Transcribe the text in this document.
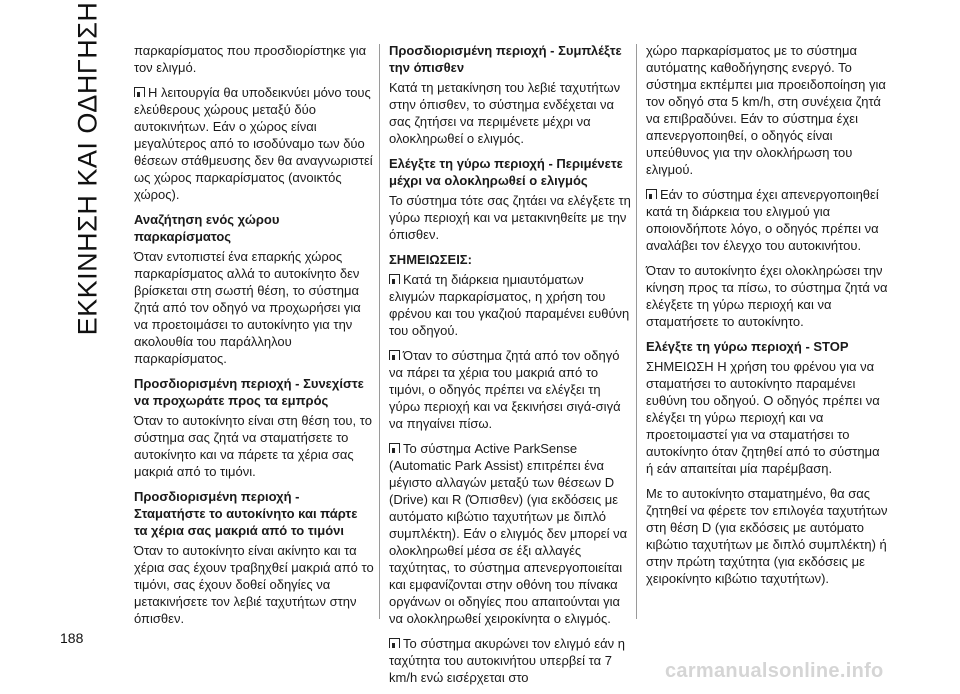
ΕΚΚΙΝΗΣΗ ΚΑΙ ΟΔΗΓΗΣΗ παρκαρίσματος που προσδιορίστηκε για τον ελιγμό.

Η λειτουργία θα υποδεικνύει μόνο τους ελεύθερους χώρους μεταξύ δύο αυτοκινήτων. Εάν ο χώρος είναι μεγαλύτερος από το ισοδύναμο των δύο θέσεων στάθμευσης δεν θα αναγνωριστεί ως χώρος παρκαρίσματος (ανοικτός χώρος).

Αναζήτηση ενός χώρου παρκαρίσματος

Όταν εντοπιστεί ένα επαρκής χώρος παρκαρίσματος αλλά το αυτοκίνητο δεν βρίσκεται στη σωστή θέση, το σύστημα ζητά από τον οδηγό να προχωρήσει για να προετοιμάσει το αυτοκίνητο για την ακολουθία του παράλληλου παρκαρίσματος.

Προσδιορισμένη περιοχή - Συνεχίστε να προχωράτε προς τα εμπρός

Όταν το αυτοκίνητο είναι στη θέση του, το σύστημα σας ζητά να σταματήσετε το αυτοκίνητο και να πάρετε τα χέρια σας μακριά από το τιμόνι.

Προσδιορισμένη περιοχή - Σταματήστε το αυτοκίνητο και πάρτε τα χέρια σας μακριά από το τιμόνι

Όταν το αυτοκίνητο είναι ακίνητο και τα χέρια σας έχουν τραβηχθεί μακριά από το τιμόνι, σας έχουν δοθεί οδηγίες να μετακινήσετε τον λεβιέ ταχυτήτων στην όπισθεν.

Προσδιορισμένη περιοχή - Συμπλέξτε την όπισθεν

Κατά τη μετακίνηση του λεβιέ ταχυτήτων στην όπισθεν, το σύστημα ενδέχεται να σας ζητήσει να περιμένετε μέχρι να ολοκληρωθεί ο ελιγμός.

Ελέγξτε τη γύρω περιοχή - Περιμένετε μέχρι να ολοκληρωθεί ο ελιγμός

Το σύστημα τότε σας ζητάει να ελέγξετε τη γύρω περιοχή και να μετακινηθείτε με την όπισθεν.

ΣΗΜΕΙΩΣΕΙΣ:

Κατά τη διάρκεια ημιαυτόματων ελιγμών παρκαρίσματος, η χρήση του φρένου και του γκαζιού παραμένει ευθύνη του οδηγού.

Όταν το σύστημα ζητά από τον οδηγό να πάρει τα χέρια του μακριά από το τιμόνι, ο οδηγός πρέπει να ελέγξει τη γύρω περιοχή και να ξεκινήσει σιγά-σιγά να πηγαίνει πίσω.

Το σύστημα Active ParkSense (Automatic Park Assist) επιτρέπει ένα μέγιστο αλλαγών μεταξύ των θέσεων D (Drive) και R (Όπισθεν) (για εκδόσεις με αυτόματο κιβώτιο ταχυτήτων με διπλό συμπλέκτη). Εάν ο ελιγμός δεν μπορεί να ολοκληρωθεί μέσα σε έξι αλλαγές ταχύτητας, το σύστημα απενεργοποιείται και εμφανίζονται στην οθόνη του πίνακα οργάνων οι οδηγίες που απαιτούνται για να ολοκληρωθεί χειροκίνητα ο ελιγμός.

Το σύστημα ακυρώνει τον ελιγμό εάν η ταχύτητα του αυτοκινήτου υπερβεί τα 7 km/h ενώ εισέρχεται στο

χώρο παρκαρίσματος με το σύστημα αυτόματης καθοδήγησης ενεργό. Το σύστημα εκπέμπει μια προειδοποίηση για τον οδηγό στα 5 km/h, στη συνέχεια ζητά να επιβραδύνει. Εάν το σύστημα έχει απενεργοποιηθεί, ο οδηγός είναι υπεύθυνος για την ολοκλήρωση του ελιγμού.

Εάν το σύστημα έχει απενεργοποιηθεί κατά τη διάρκεια του ελιγμού για οποιονδήποτε λόγο, ο οδηγός πρέπει να αναλάβει τον έλεγχο του αυτοκινήτου.

Όταν το αυτοκίνητο έχει ολοκληρώσει την κίνηση προς τα πίσω, το σύστημα ζητά να ελέγξετε τη γύρω περιοχή και να σταματήσετε το αυτοκίνητο.

Ελέγξτε τη γύρω περιοχή - STOP

ΣΗΜΕΙΩΣΗ Η χρήση του φρένου για να σταματήσει το αυτοκίνητο παραμένει ευθύνη του οδηγού. Ο οδηγός πρέπει να ελέγξει τη γύρω περιοχή και να προετοιμαστεί για να σταματήσει το αυτοκίνητο όταν ζητηθεί από το σύστημα ή εάν απαιτείται μία παρέμβαση.

Με το αυτοκίνητο σταματημένο, θα σας ζητηθεί να φέρετε τον επιλογέα ταχυτήτων στη θέση D (για εκδόσεις με αυτόματο κιβώτιο ταχυτήτων με διπλό συμπλέκτη) ή στην πρώτη ταχύτητα (για εκδόσεις με χειροκίνητο κιβώτιο ταχυτήτων).

188
carmanualsonline.info
